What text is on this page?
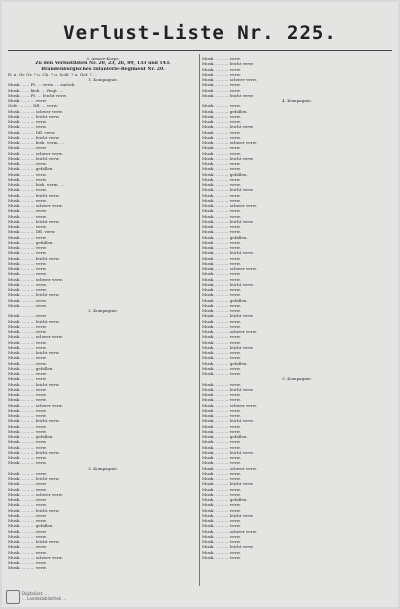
Verlust-Liste Nr. 225.
3. Armee-Korps.
Zu den Verlustlisten Nr. 20, 23, 26, 89, 133 und 143.
Brandenburgisches Infanterie-Regiment Nr. 20.
R. u. Gr. Gr. ? u. Ch. ? u. Schl. ? u. Gef. ? ...
1. Kompagnie.
Musk. ... – Ft. ... verw. ... zurück
Musk. ... – bish. ... Regt. ...
Musk. ... – Ft. ... leicht verw.
Musk. ... – ... verw.
Gefr. ... – ... Dfl. ... verw.
Musk. ... – ... schwer verw.
Musk. ... – ... leicht verw.
Musk. ... – ... verw.
Musk. ... – ... verw.
Musk. ... – ... Dfl. verw.
Musk. ... – ... leicht verw.
Musk. ... – ... bish. verm. ...
Musk. ... – ... verw.
Musk. ... – ... schwer verw.
Musk. ... – ... leicht verw.
Musk. ... – ... verw.
Musk. ... – ... gefallen.
Musk. ... – ... verw.
Musk. ... – ... verw.
Musk. ... – ... bish. verm. ...
Musk. ... – ... verw.
Musk. ... – ... leicht verw.
Musk. ... – ... verw.
Musk. ... – ... schwer verw.
Musk. ... – ... verw.
Musk. ... – ... verw.
Musk. ... – ... leicht verw.
Musk. ... – ... verw.
Musk. ... – ... Dfl. verw.
Musk. ... – ... verw.
Musk. ... – ... gefallen.
Musk. ... – ... verw.
Musk. ... – ... verw.
Musk. ... – ... leicht verw.
Musk. ... – ... verw.
Musk. ... – ... verw.
Musk. ... – ... verw.
Musk. ... – ... schwer verw.
Musk. ... – ... verw.
Musk. ... – ... verw.
Musk. ... – ... leicht verw.
Musk. ... – ... verw.
Musk. ... – ... verw.
2. Kompagnie.
Musk. ... – ... verw.
Musk. ... – ... leicht verw.
Musk. ... – ... verw.
Musk. ... – ... verw.
Musk. ... – ... schwer verw.
Musk. ... – ... verw.
Musk. ... – ... verw.
Musk. ... – ... leicht verw.
Musk. ... – ... verw.
Musk. ... – ... verw.
Musk. ... – ... gefallen.
Musk. ... – ... verw.
Musk. ... – ... verw.
Musk. ... – ... leicht verw.
Musk. ... – ... verw.
Musk. ... – ... verw.
Musk. ... – ... verw.
Musk. ... – ... schwer verw.
Musk. ... – ... verw.
Musk. ... – ... verw.
Musk. ... – ... leicht verw.
Musk. ... – ... verw.
Musk. ... – ... verw.
Musk. ... – ... gefallen.
Musk. ... – ... verw.
Musk. ... – ... verw.
Musk. ... – ... leicht verw.
Musk. ... – ... verw.
Musk. ... – ... verw.
3. Kompagnie.
Musk. ... – ... verw.
Musk. ... – ... leicht verw.
Musk. ... – ... verw.
Musk. ... – ... verw.
Musk. ... – ... schwer verw.
Musk. ... – ... verw.
Musk. ... – ... verw.
Musk. ... – ... leicht verw.
Musk. ... – ... verw.
Musk. ... – ... verw.
Musk. ... – ... gefallen.
Musk. ... – ... verw.
Musk. ... – ... verw.
Musk. ... – ... leicht verw.
Musk. ... – ... verw.
Musk. ... – ... verw.
Musk. ... – ... schwer verw.
Musk. ... – ... verw.
Musk. ... – ... verw.
Musk. ... – ... verw.
Musk. ... – ... leicht verw.
Musk. ... – ... verw.
Musk. ... – ... verw.
Musk. ... – ... schwer verw.
Musk. ... – ... verw.
Musk. ... – ... verw.
Musk. ... – ... leicht verw.
4. Kompagnie.
Musk. ... – ... verw.
Musk. ... – ... gefallen.
Musk. ... – ... verw.
Musk. ... – ... verw.
Musk. ... – ... leicht verw.
Musk. ... – ... verw.
Musk. ... – ... verw.
Musk. ... – ... schwer verw.
Musk. ... – ... verw.
Musk. ... – ... verw.
Musk. ... – ... leicht verw.
Musk. ... – ... verw.
Musk. ... – ... verw.
Musk. ... – ... gefallen.
Musk. ... – ... verw.
Musk. ... – ... verw.
Musk. ... – ... leicht verw.
Musk. ... – ... verw.
Musk. ... – ... verw.
Musk. ... – ... schwer verw.
Musk. ... – ... verw.
Musk. ... – ... verw.
Musk. ... – ... leicht verw.
Musk. ... – ... verw.
Musk. ... – ... verw.
Musk. ... – ... gefallen.
Musk. ... – ... verw.
Musk. ... – ... verw.
Musk. ... – ... leicht verw.
Musk. ... – ... verw.
Musk. ... – ... verw.
Musk. ... – ... schwer verw.
Musk. ... – ... verw.
Musk. ... – ... verw.
Musk. ... – ... leicht verw.
Musk. ... – ... verw.
Musk. ... – ... verw.
Musk. ... – ... gefallen.
Musk. ... – ... verw.
Musk. ... – ... verw.
Musk. ... – ... leicht verw.
Musk. ... – ... verw.
Musk. ... – ... verw.
Musk. ... – ... schwer verw.
Musk. ... – ... verw.
Musk. ... – ... verw.
Musk. ... – ... leicht verw.
Musk. ... – ... verw.
Musk. ... – ... verw.
Musk. ... – ... gefallen.
Musk. ... – ... verw.
Musk. ... – ... verw.
5. Kompagnie.
Musk. ... – ... verw.
Musk. ... – ... leicht verw.
Musk. ... – ... verw.
Musk. ... – ... verw.
Musk. ... – ... schwer verw.
Musk. ... – ... verw.
Musk. ... – ... verw.
Musk. ... – ... leicht verw.
Musk. ... – ... verw.
Musk. ... – ... verw.
Musk. ... – ... gefallen.
Musk. ... – ... verw.
Musk. ... – ... verw.
Musk. ... – ... leicht verw.
Musk. ... – ... verw.
Musk. ... – ... verw.
Musk. ... – ... schwer verw.
Musk. ... – ... verw.
Musk. ... – ... verw.
Musk. ... – ... leicht verw.
Musk. ... – ... verw.
Musk. ... – ... verw.
Musk. ... – ... gefallen.
Musk. ... – ... verw.
Musk. ... – ... verw.
Musk. ... – ... leicht verw.
Musk. ... – ... verw.
Musk. ... – ... verw.
Musk. ... – ... schwer verw.
Musk. ... – ... verw.
Musk. ... – ... verw.
Musk. ... – ... leicht verw.
Musk. ... – ... verw.
Musk. ... – ... verw.
Digitalisat: ...
... Landesbibliothek ...
